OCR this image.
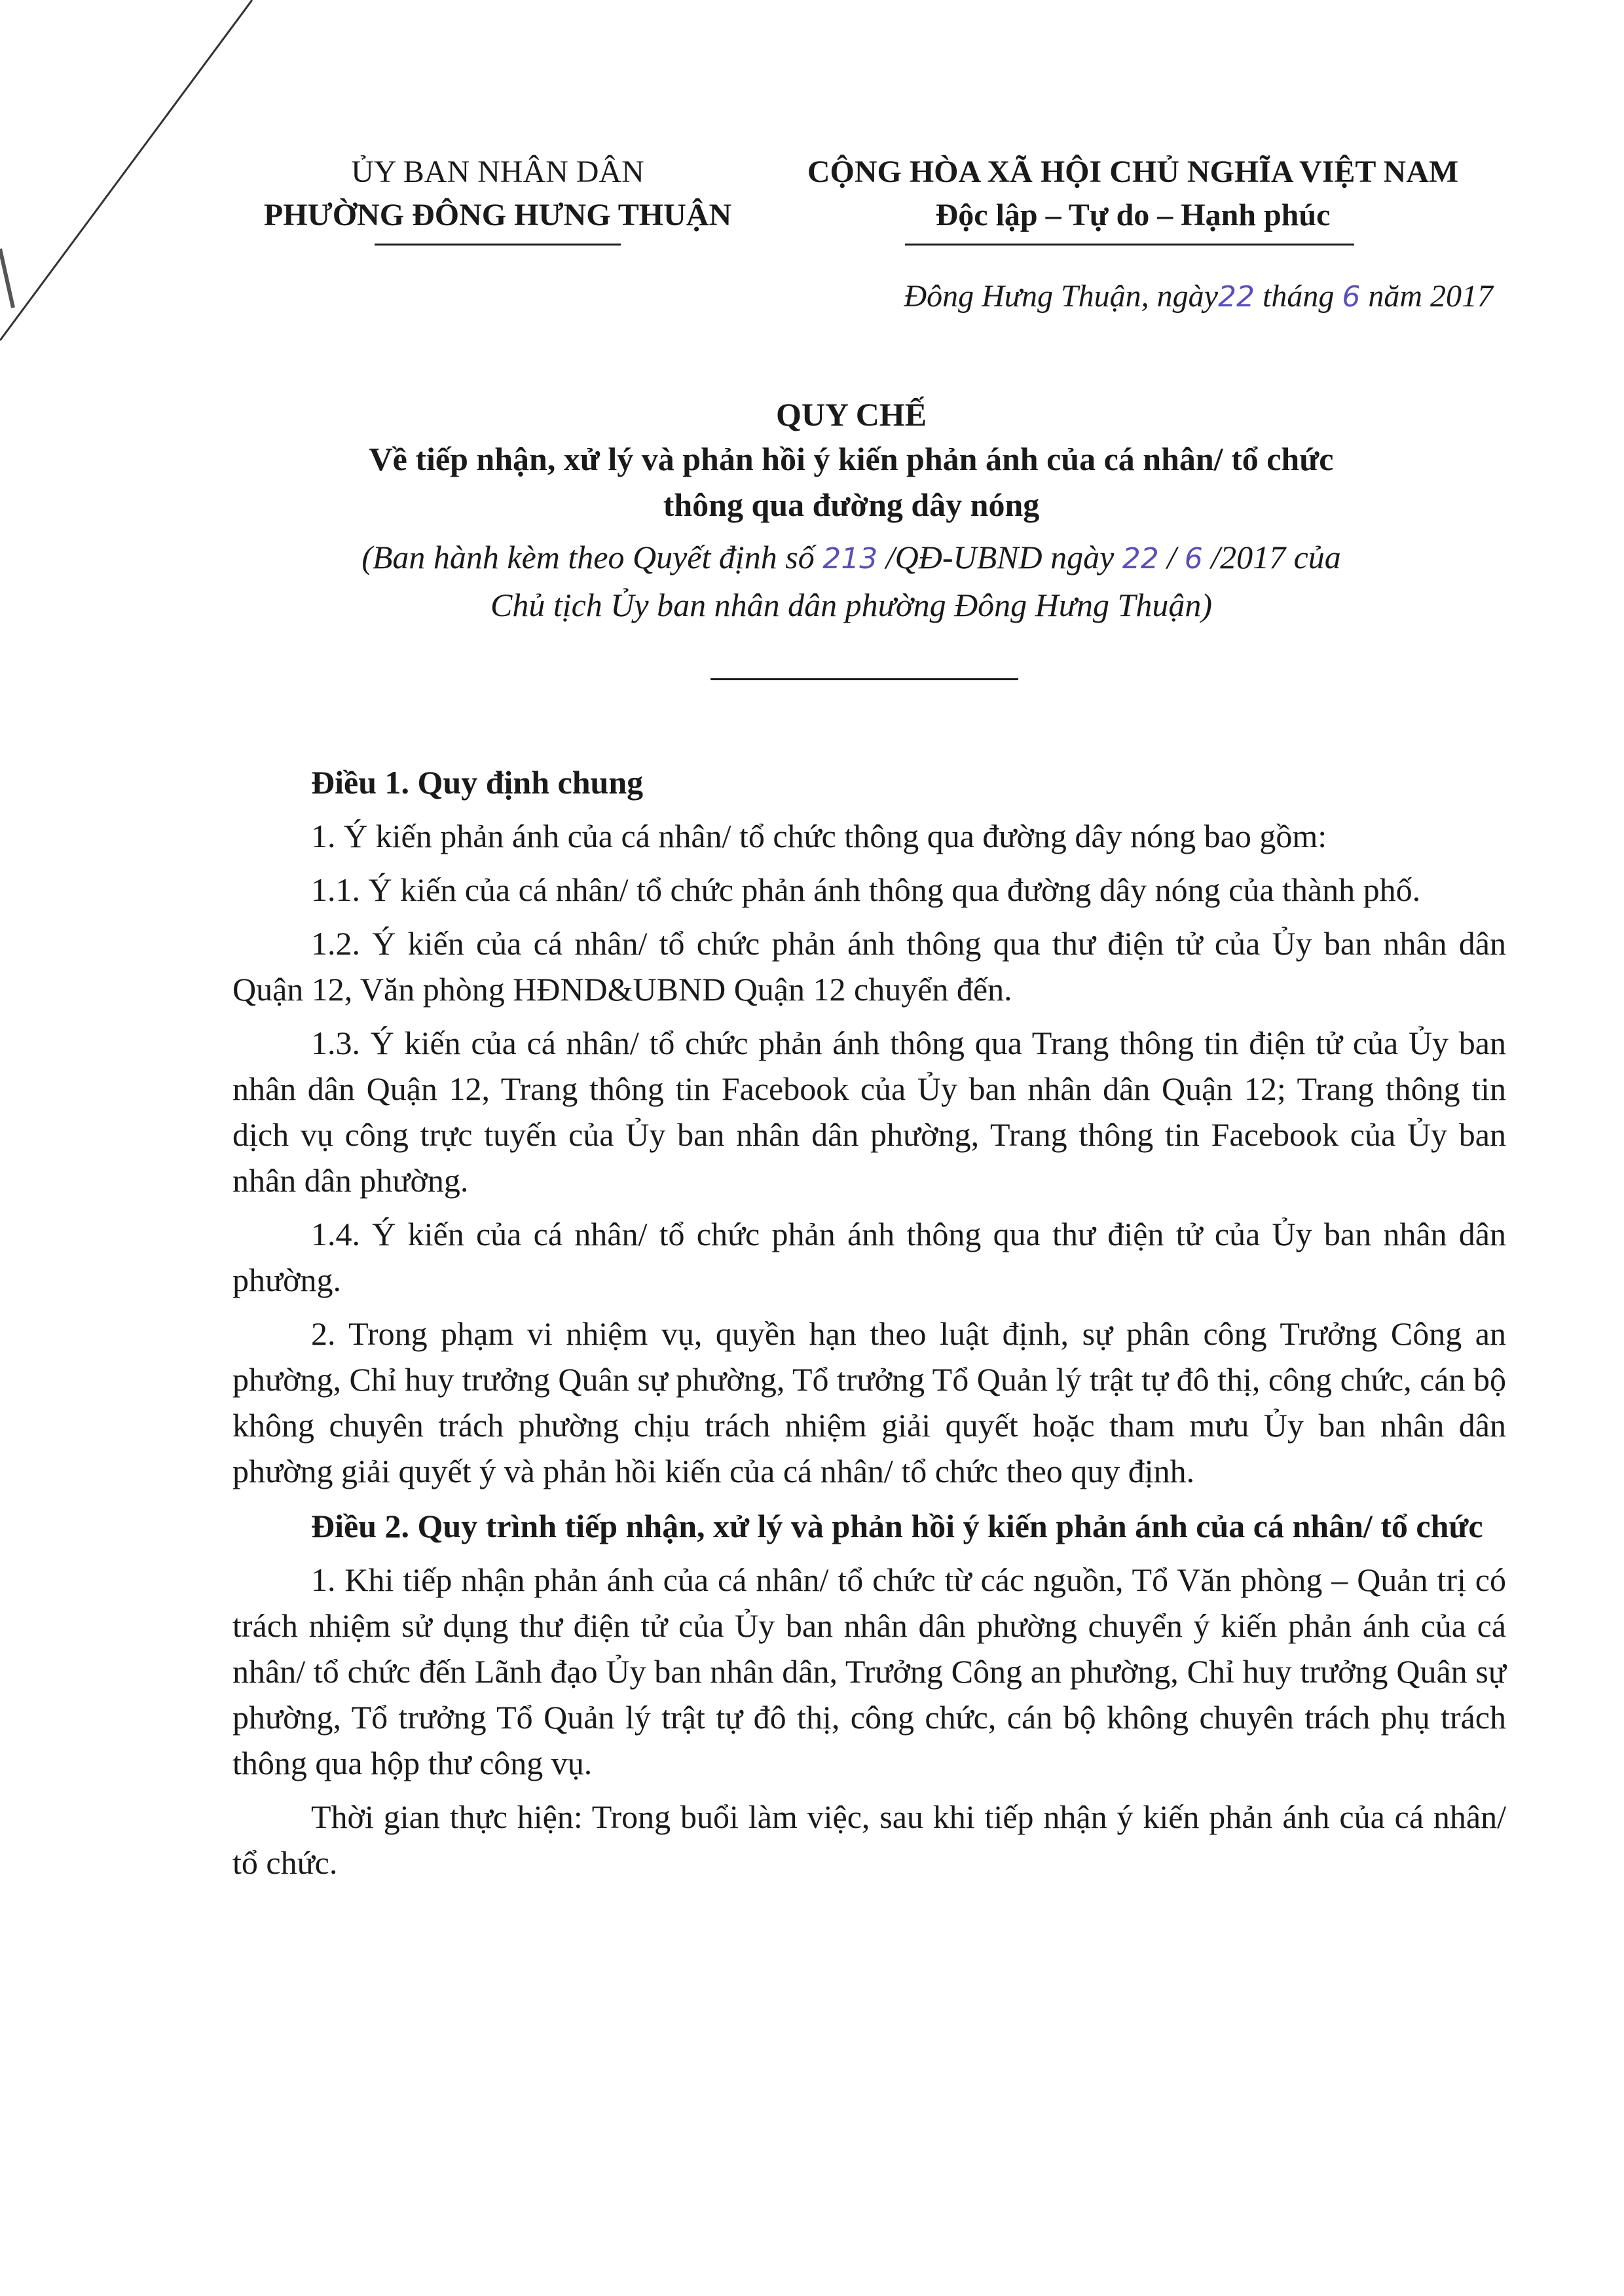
ỦY BAN NHÂN DÂN
PHƯỜNG ĐÔNG HƯNG THUẬN
CỘNG HÒA XÃ HỘI CHỦ NGHĨA VIỆT NAM
Độc lập – Tự do – Hạnh phúc
Đông Hưng Thuận, ngày22 tháng 6 năm 2017
QUY CHẾ
Về tiếp nhận, xử lý và phản hồi ý kiến phản ánh của cá nhân/ tổ chức
thông qua đường dây nóng
(Ban hành kèm theo Quyết định số 213 /QĐ-UBND ngày 22 / 6 /2017 của
Chủ tịch Ủy ban nhân dân phường Đông Hưng Thuận)

Điều 1. Quy định chung

1. Ý kiến phản ánh của cá nhân/ tổ chức thông qua đường dây nóng bao gồm:

1.1. Ý kiến của cá nhân/ tổ chức phản ánh thông qua đường dây nóng của thành phố.

1.2. Ý kiến của cá nhân/ tổ chức phản ánh thông qua thư điện tử của Ủy ban nhân dân Quận 12, Văn phòng HĐND&UBND Quận 12 chuyển đến.

1.3. Ý kiến của cá nhân/ tổ chức phản ánh thông qua Trang thông tin điện tử của Ủy ban nhân dân Quận 12, Trang thông tin Facebook của Ủy ban nhân dân Quận 12; Trang thông tin dịch vụ công trực tuyến của Ủy ban nhân dân phường, Trang thông tin Facebook của Ủy ban nhân dân phường.

1.4. Ý kiến của cá nhân/ tổ chức phản ánh thông qua thư điện tử của Ủy ban nhân dân phường.

2. Trong phạm vi nhiệm vụ, quyền hạn theo luật định, sự phân công Trưởng Công an phường, Chỉ huy trưởng Quân sự phường, Tổ trưởng Tổ Quản lý trật tự đô thị, công chức, cán bộ không chuyên trách phường chịu trách nhiệm giải quyết hoặc tham mưu Ủy ban nhân dân phường giải quyết ý và phản hồi kiến của cá nhân/ tổ chức theo quy định.

Điều 2. Quy trình tiếp nhận, xử lý và phản hồi ý kiến phản ánh của cá nhân/ tổ chức

1. Khi tiếp nhận phản ánh của cá nhân/ tổ chức từ các nguồn, Tổ Văn phòng – Quản trị có trách nhiệm sử dụng thư điện tử của Ủy ban nhân dân phường chuyển ý kiến phản ánh của cá nhân/ tổ chức đến Lãnh đạo Ủy ban nhân dân, Trưởng Công an phường, Chỉ huy trưởng Quân sự phường, Tổ trưởng Tổ Quản lý trật tự đô thị, công chức, cán bộ không chuyên trách phụ trách thông qua hộp thư công vụ.

Thời gian thực hiện: Trong buổi làm việc, sau khi tiếp nhận ý kiến phản ánh của cá nhân/ tổ chức.
